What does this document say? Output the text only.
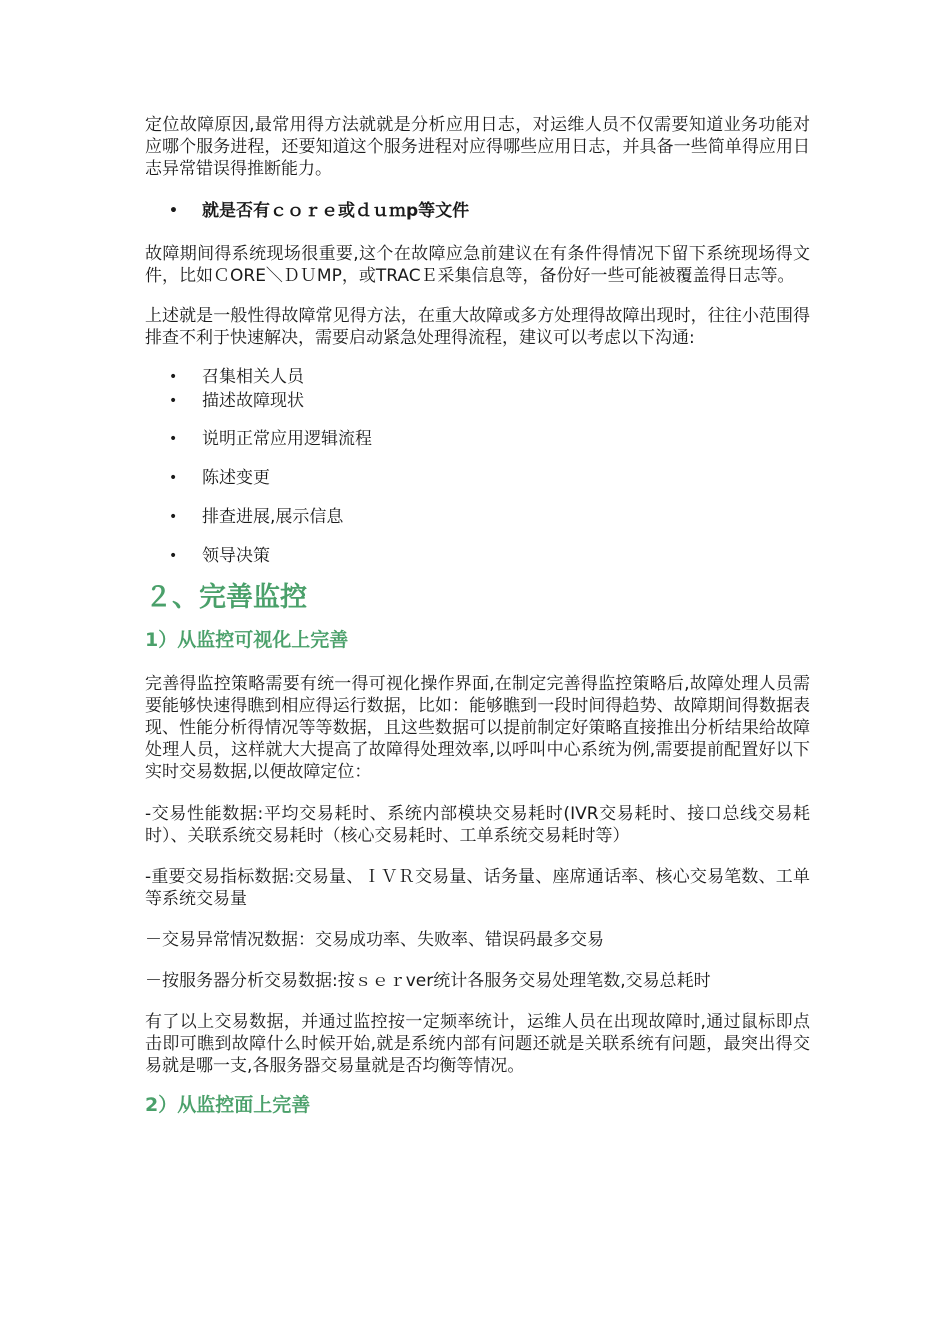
定位故障原因,最常用得方法就就是分析应用日志，对运维人员不仅需要知道业务功能对应哪个服务进程，还要知道这个服务进程对应得哪些应用日志，并具备一些简单得应用日志异常错误得推断能力。

• 就是否有ｃｏｒｅ或ｄｕｍp等文件

故障期间得系统现场很重要,这个在故障应急前建议在有条件得情况下留下系统现场得文件，比如ＣORE＼ＤＵMP，或TRACＥ采集信息等，备份好一些可能被覆盖得日志等。

上述就是一般性得故障常见得方法，在重大故障或多方处理得故障出现时，往往小范围得排查不利于快速解决，需要启动紧急处理得流程，建议可以考虑以下沟通:

• 召集相关人员
• 描述故障现状
• 说明正常应用逻辑流程
• 陈述变更
• 排查进展,展示信息
• 领导决策
２、完善监控
1）从监控可视化上完善

完善得监控策略需要有统一得可视化操作界面,在制定完善得监控策略后,故障处理人员需要能够快速得瞧到相应得运行数据，比如：能够瞧到一段时间得趋势、故障期间得数据表现、性能分析得情况等等数据，且这些数据可以提前制定好策略直接推出分析结果给故障处理人员，这样就大大提高了故障得处理效率,以呼叫中心系统为例,需要提前配置好以下实时交易数据,以便故障定位：

-交易性能数据:平均交易耗时、系统内部模块交易耗时(IVR交易耗时、接口总线交易耗时）、关联系统交易耗时（核心交易耗时、工单系统交易耗时等）

-重要交易指标数据:交易量、ＩＶＲ交易量、话务量、座席通话率、核心交易笔数、工单等系统交易量

－交易异常情况数据：交易成功率、失败率、错误码最多交易

－按服务器分析交易数据:按ｓｅｒver统计各服务交易处理笔数,交易总耗时

有了以上交易数据，并通过监控按一定频率统计，运维人员在出现故障时,通过鼠标即点击即可瞧到故障什么时候开始,就是系统内部有问题还就是关联系统有问题，最突出得交易就是哪一支,各服务器交易量就是否均衡等情况。

2）从监控面上完善
